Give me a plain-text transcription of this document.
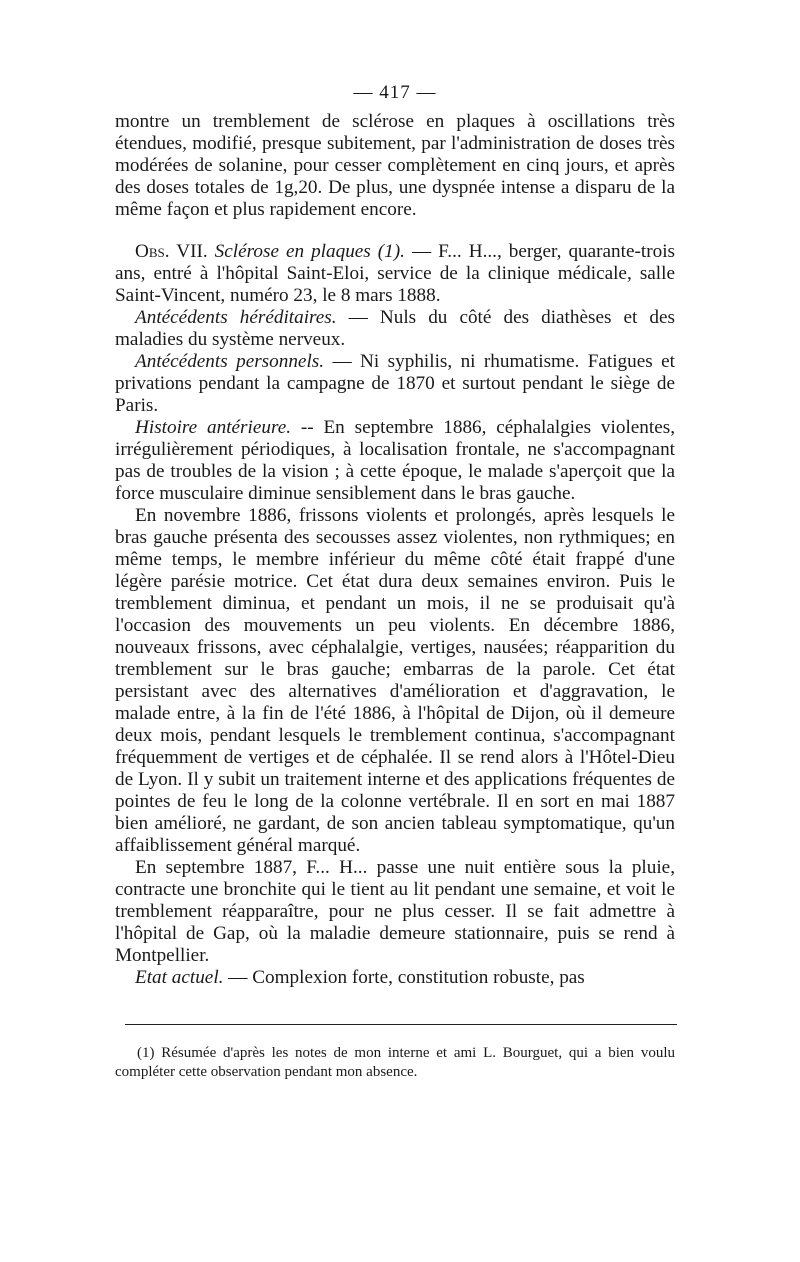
— 417 —

montre un tremblement de sclérose en plaques à oscillations très étendues, modifié, presque subitement, par l'administration de doses très modérées de solanine, pour cesser complètement en cinq jours, et après des doses totales de 1g,20. De plus, une dyspnée intense a disparu de la même façon et plus rapidement encore.

Obs. VII. Sclérose en plaques (1). — F... H..., berger, quarante-trois ans, entré à l'hôpital Saint-Eloi, service de la clinique médicale, salle Saint-Vincent, numéro 23, le 8 mars 1888.

Antécédents héréditaires. — Nuls du côté des diathèses et des maladies du système nerveux.

Antécédents personnels. — Ni syphilis, ni rhumatisme. Fatigues et privations pendant la campagne de 1870 et surtout pendant le siège de Paris.

Histoire antérieure. -- En septembre 1886, céphalalgies violentes, irrégulièrement périodiques, à localisation frontale, ne s'accompagnant pas de troubles de la vision ; à cette époque, le malade s'aperçoit que la force musculaire diminue sensiblement dans le bras gauche.

En novembre 1886, frissons violents et prolongés, après lesquels le bras gauche présenta des secousses assez violentes, non rythmiques; en même temps, le membre inférieur du même côté était frappé d'une légère parésie motrice. Cet état dura deux semaines environ. Puis le tremblement diminua, et pendant un mois, il ne se produisait qu'à l'occasion des mouvements un peu violents. En décembre 1886, nouveaux frissons, avec céphalalgie, vertiges, nausées; réapparition du tremblement sur le bras gauche; embarras de la parole. Cet état persistant avec des alternatives d'amélioration et d'aggravation, le malade entre, à la fin de l'été 1886, à l'hôpital de Dijon, où il demeure deux mois, pendant lesquels le tremblement continua, s'accompagnant fréquemment de vertiges et de céphalée. Il se rend alors à l'Hôtel-Dieu de Lyon. Il y subit un traitement interne et des applications fréquentes de pointes de feu le long de la colonne vertébrale. Il en sort en mai 1887 bien amélioré, ne gardant, de son ancien tableau symptomatique, qu'un affaiblissement général marqué.

En septembre 1887, F... H... passe une nuit entière sous la pluie, contracte une bronchite qui le tient au lit pendant une semaine, et voit le tremblement réapparaître, pour ne plus cesser. Il se fait admettre à l'hôpital de Gap, où la maladie demeure stationnaire, puis se rend à Montpellier.

Etat actuel. — Complexion forte, constitution robuste, pas

(1) Résumée d'après les notes de mon interne et ami L. Bourguet, qui a bien voulu compléter cette observation pendant mon absence.
